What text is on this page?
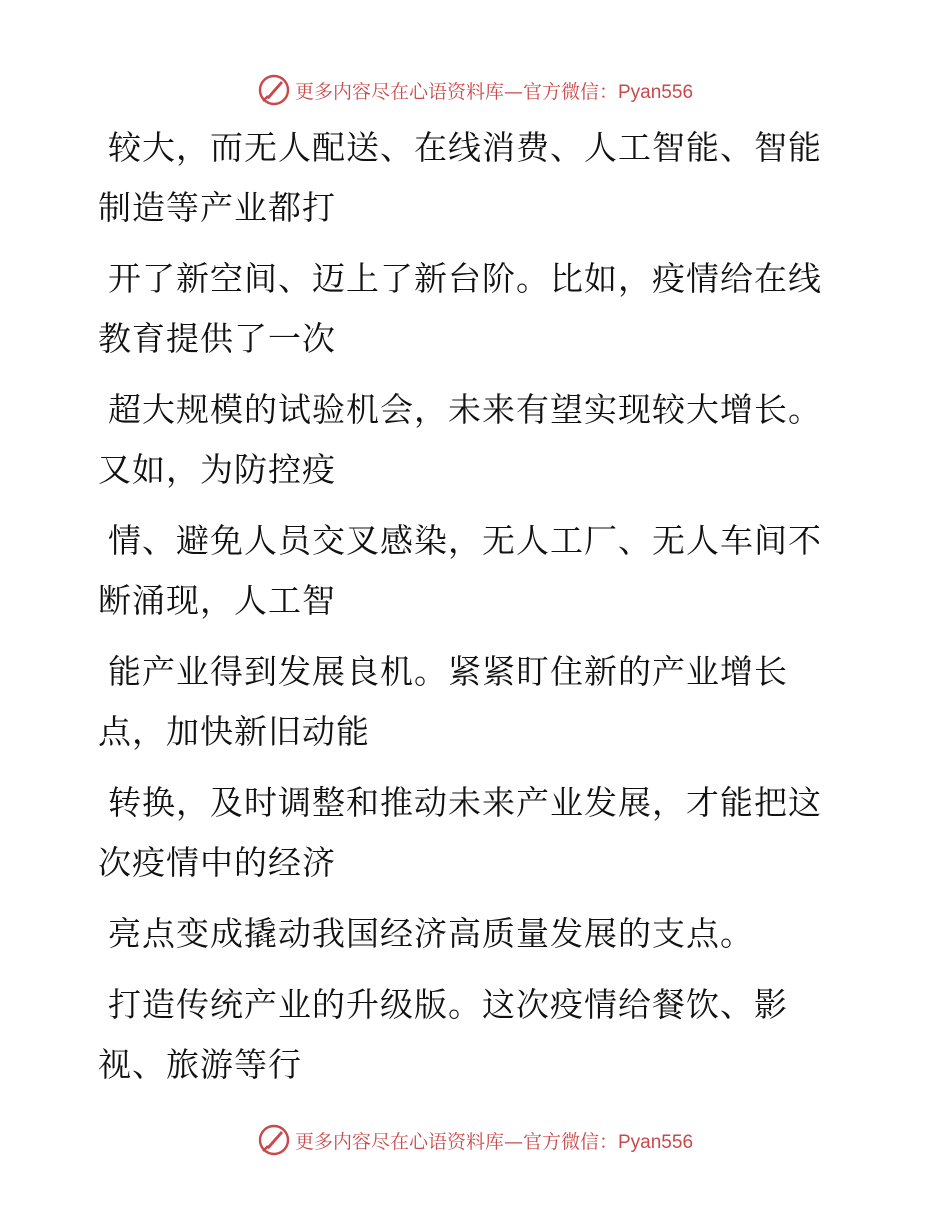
更多内容尽在心语资料库—官方微信：Pyan556
较大，而无人配送、在线消费、人工智能、智能
制造等产业都打
开了新空间、迈上了新台阶。比如，疫情给在线
教育提供了一次
超大规模的试验机会，未来有望实现较大增长。
又如，为防控疫
情、避免人员交叉感染，无人工厂、无人车间不
断涌现，人工智
能产业得到发展良机。紧紧盯住新的产业增长
点，加快新旧动能
转换，及时调整和推动未来产业发展，才能把这
次疫情中的经济
亮点变成撬动我国经济高质量发展的支点。
打造传统产业的升级版。这次疫情给餐饮、影
视、旅游等行
更多内容尽在心语资料库—官方微信：Pyan556
